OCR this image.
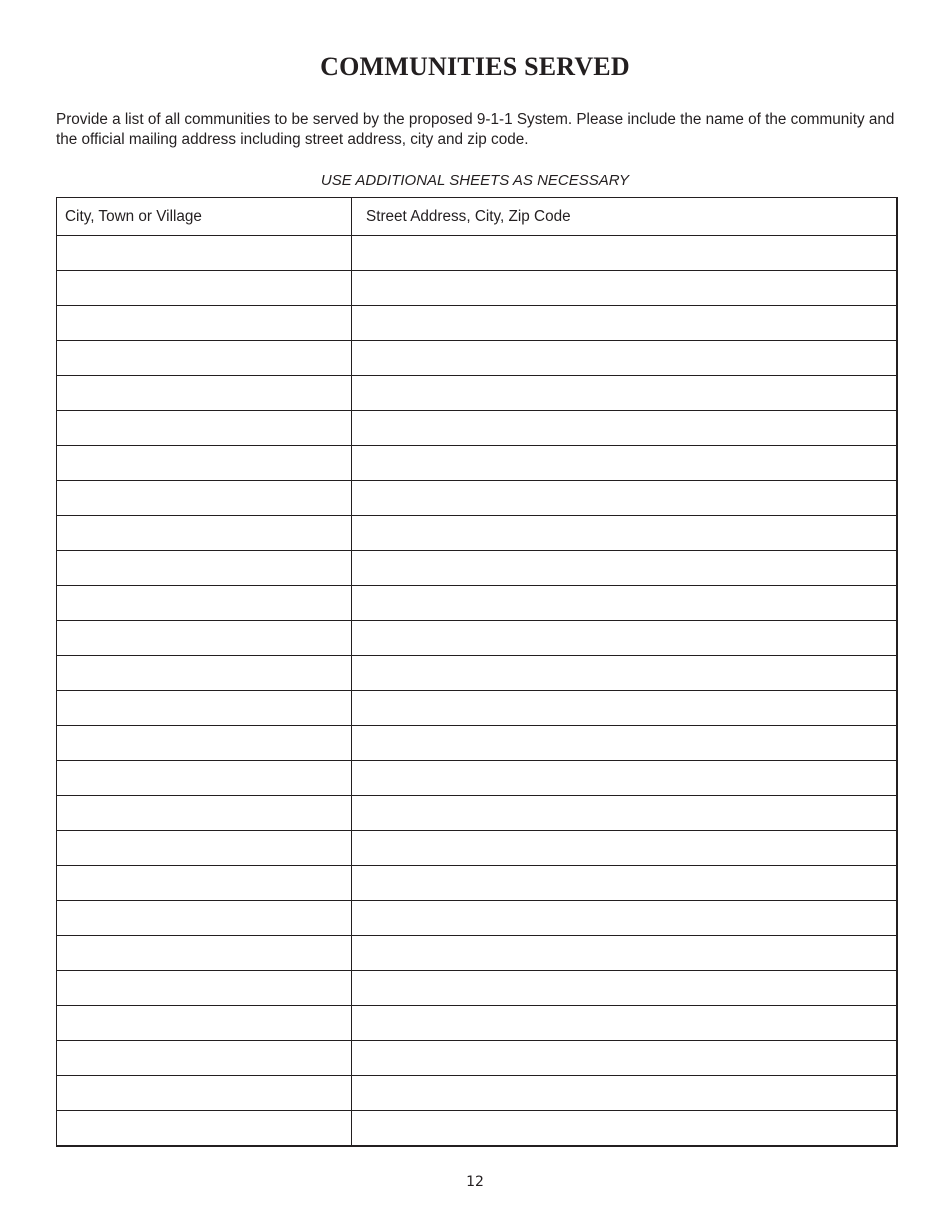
COMMUNITIES SERVED

Provide a list of all communities to be served by the proposed 9-1-1 System. Please include the name of the community and the official mailing address including street address, city and zip code.

USE ADDITIONAL SHEETS AS NECESSARY

City, Town or Village	Street Address, City, Zip Code

12
